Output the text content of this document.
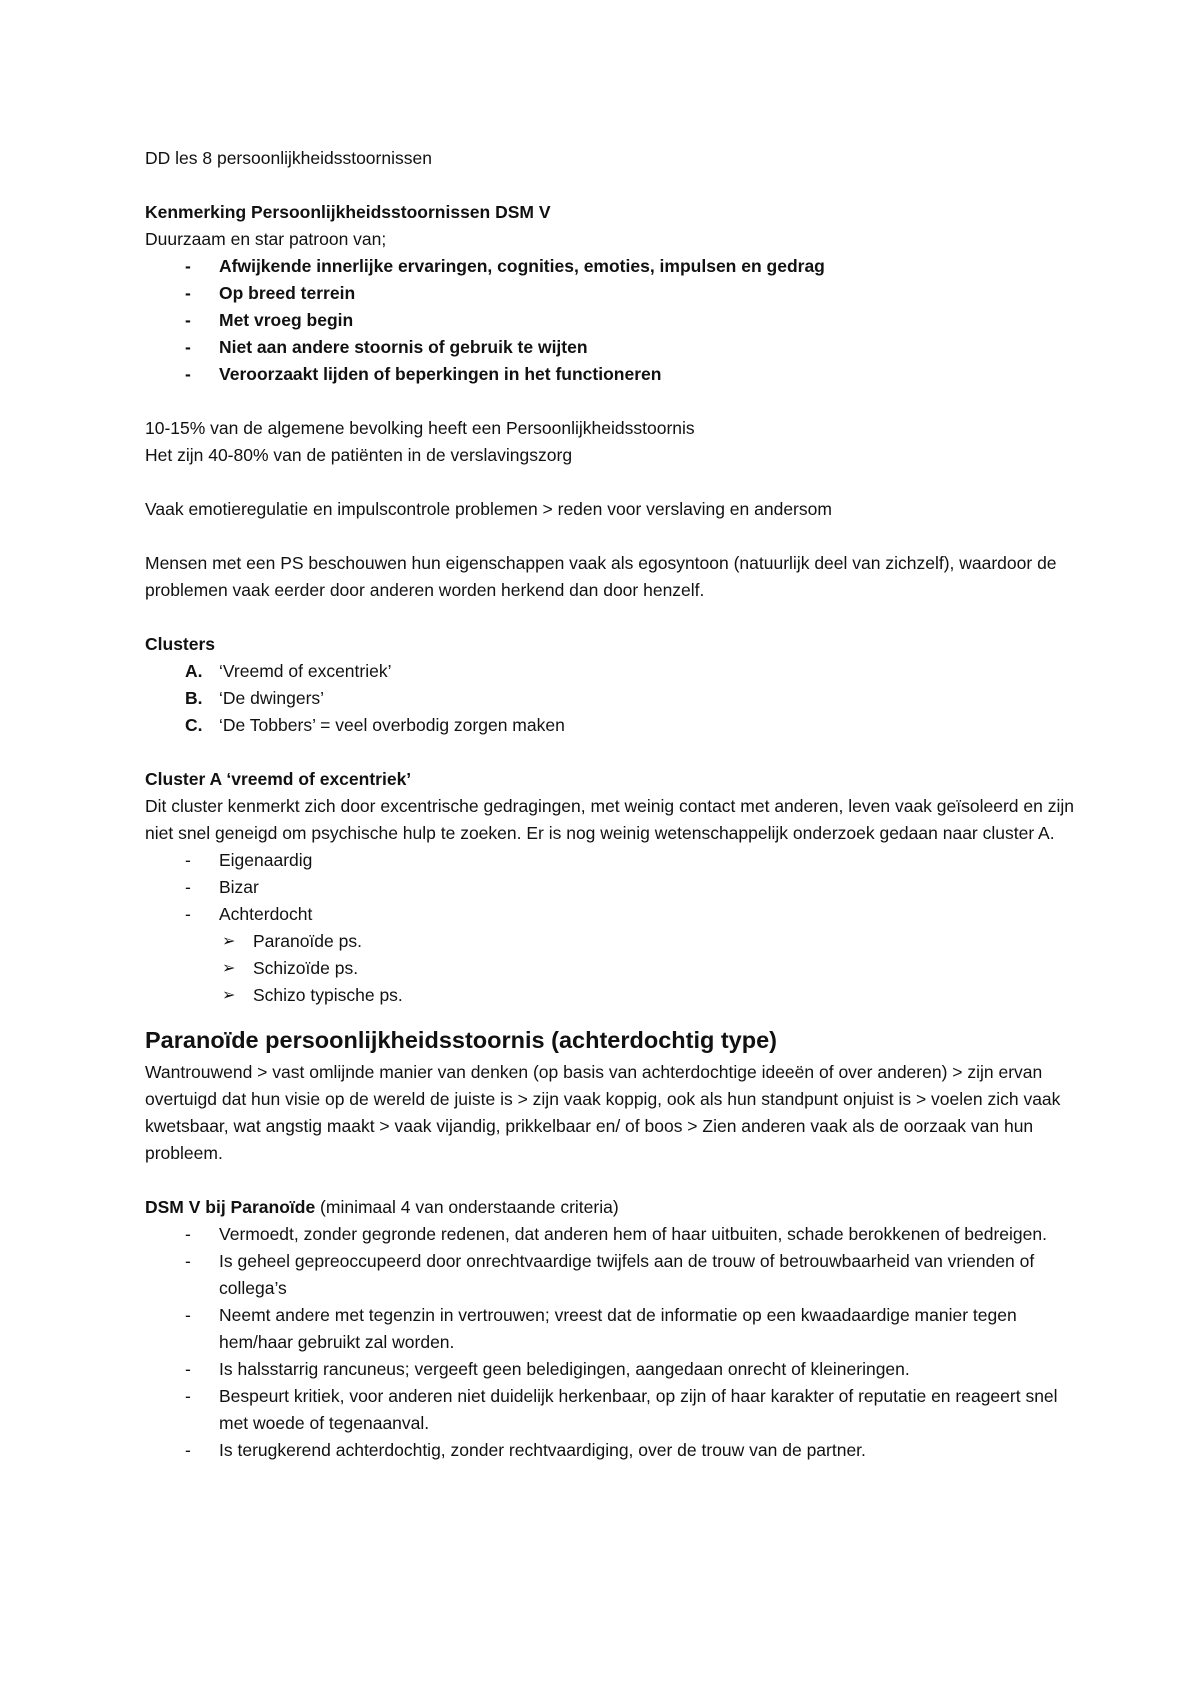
DD les 8 persoonlijkheidsstoornissen

Kenmerking Persoonlijkheidsstoornissen DSM V

Duurzaam en star patroon van;

- Afwijkende innerlijke ervaringen, cognities, emoties, impulsen en gedrag
- Op breed terrein
- Met vroeg begin
- Niet aan andere stoornis of gebruik te wijten
- Veroorzaakt lijden of beperkingen in het functioneren

10-15% van de algemene bevolking heeft een Persoonlijkheidsstoornis

Het zijn 40-80% van de patiënten in de verslavingszorg

Vaak emotieregulatie en impulscontrole problemen > reden voor verslaving en andersom

Mensen met een PS beschouwen hun eigenschappen vaak als egosyntoon (natuurlijk deel van zichzelf), waardoor de problemen vaak eerder door anderen worden herkend dan door henzelf.

Clusters

A. ‘Vreemd of excentriek’
B. ‘De dwingers’
C. ‘De Tobbers’ = veel overbodig zorgen maken

Cluster A ‘vreemd of excentriek’

Dit cluster kenmerkt zich door excentrische gedragingen, met weinig contact met anderen, leven vaak geïsoleerd en zijn niet snel geneigd om psychische hulp te zoeken. Er is nog weinig wetenschappelijk onderzoek gedaan naar cluster A.

- Eigenaardig
- Bizar
- Achterdocht
➢ Paranoïde ps.
➢ Schizoïde ps.
➢ Schizo typische ps.

Paranoïde persoonlijkheidsstoornis (achterdochtig type)

Wantrouwend > vast omlijnde manier van denken (op basis van achterdochtige ideeën of over anderen) > zijn ervan overtuigd dat hun visie op de wereld de juiste is > zijn vaak koppig, ook als hun standpunt onjuist is > voelen zich vaak kwetsbaar, wat angstig maakt > vaak vijandig, prikkelbaar en/ of boos > Zien anderen vaak als de oorzaak van hun probleem.

DSM V bij Paranoïde (minimaal 4 van onderstaande criteria)

- Vermoedt, zonder gegronde redenen, dat anderen hem of haar uitbuiten, schade berokkenen of bedreigen.
- Is geheel gepreoccupeerd door onrechtvaardige twijfels aan de trouw of betrouwbaarheid van vrienden of collega’s
- Neemt andere met tegenzin in vertrouwen; vreest dat de informatie op een kwaadaardige manier tegen hem/haar gebruikt zal worden.
- Is halsstarrig rancuneus; vergeeft geen beledigingen, aangedaan onrecht of kleineringen.
- Bespeurt kritiek, voor anderen niet duidelijk herkenbaar, op zijn of haar karakter of reputatie en reageert snel met woede of tegenaanval.
- Is terugkerend achterdochtig, zonder rechtvaardiging, over de trouw van de partner.
